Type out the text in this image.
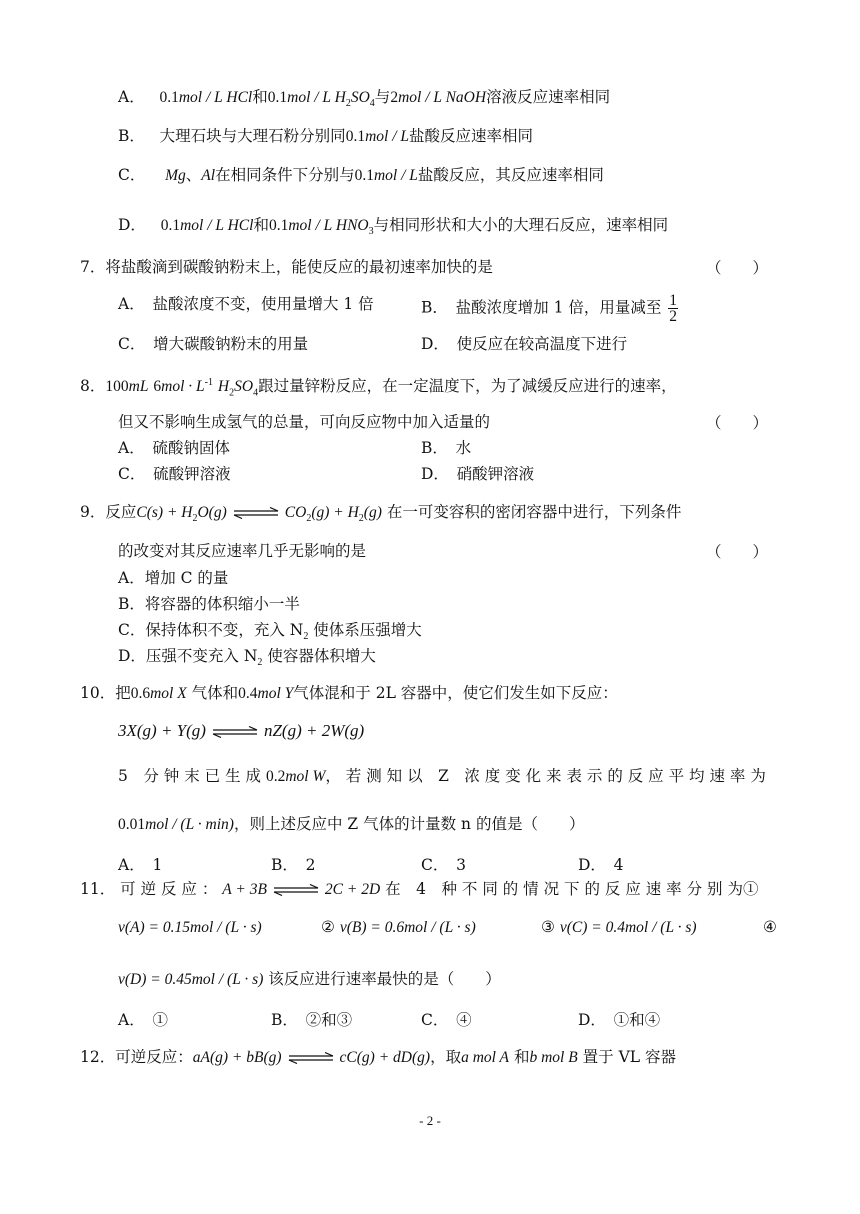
A． 0.1mol / L HCl和0.1mol / L $H_2SO_4$与2mol / L NaOH溶液反应速率相同
B． 大理石块与大理石粉分别同0.1mol / L盐酸反应速率相同
C． Mg、Al在相同条件下分别与0.1mol / L盐酸反应，其反应速率相同
D． 0.1mol / L HCl和0.1mol / L $HNO_3$与相同形状和大小的大理石反应，速率相同
7．将盐酸滴到碳酸钠粉末上，能使反应的最初速率加快的是	（　　）
A．　盐酸浓度不变，使用量增大 1 倍	B．　盐酸浓度增加 1 倍，用量减至 $\frac{1}{2}$
C．　增大碳酸钠粉末的用量	D．　使反应在较高温度下进行
8．100mL $6mol \cdot L^{-1}$ $H_2SO_4$跟过量锌粉反应，在一定温度下，为了减缓反应进行的速率，
但又不影响生成氢气的总量，可向反应物中加入适量的	（　　）
A．　硫酸钠固体	B．　水
C．　硫酸钾溶液	D．　硝酸钾溶液
9．反应$C(s) + H_2O(g)$	$CO_2(g) + H_2(g)$ 在一可变容积的密闭容器中进行，下列条件
的改变对其反应速率几乎无影响的是	（　　）
A．增加 C 的量
B．将容器的体积缩小一半
C．保持体积不变，充入 $N_2$ 使体系压强增大
D．压强不变充入 $N_2$ 使容器体积增大
10．把0.6mol X 气体和0.4mol Y气体混和于 2L 容器中，使它们发生如下反应：
3X(g) + Y(g)	nZ(g) + 2W(g)
5　分 钟 末 已 生 成 0.2mol W， 若 测 知 以　Z　浓 度 变 化 来 表 示 的 反 应 平 均 速 率 为
0.01mol / (L · min)，则上述反应中 Z 气体的计量数 n 的值是（　　）
A．　1	B．　2	C．　3	D．　4
11． 可 逆 反 应 ： A + 3B	2C + 2D 在　4　种 不 同 的 情 况 下 的 反 应 速 率 分 别 为①
v(A) = 0.15mol / (L · s)	② v(B) = 0.6mol / (L · s)	③ v(C) = 0.4mol / (L · s)	④
v(D) = 0.45mol / (L · s) 该反应进行速率最快的是（　　）
A．　①	B．　②和③	C．　④	D．　①和④
12．可逆反应：aA(g) + bB(g)	cC(g) + dD(g)，取a mol A 和b mol B 置于 VL 容器
- 2 -
